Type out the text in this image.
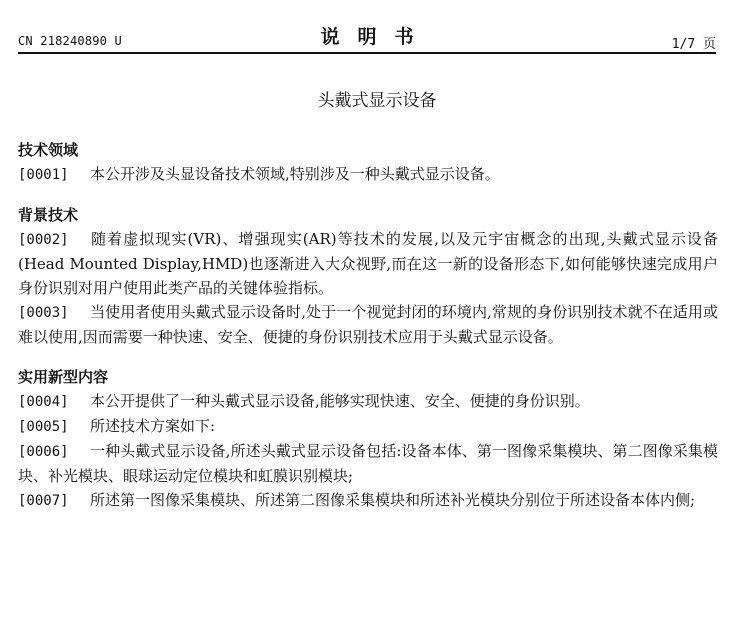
CN 218240890 U	说明书	1/7 页
头戴式显示设备

技术领域

[0001] 本公开涉及头显设备技术领域,特别涉及一种头戴式显示设备。

背景技术

[0002] 随着虚拟现实(VR)、增强现实(AR)等技术的发展,以及元宇宙概念的出现,头戴式显示设备(Head Mounted Display,HMD)也逐渐进入大众视野,而在这一新的设备形态下,如何能够快速完成用户身份识别对用户使用此类产品的关键体验指标。

[0003] 当使用者使用头戴式显示设备时,处于一个视觉封闭的环境内,常规的身份识别技术就不在适用或难以使用,因而需要一种快速、安全、便捷的身份识别技术应用于头戴式显示设备。

实用新型内容

[0004] 本公开提供了一种头戴式显示设备,能够实现快速、安全、便捷的身份识别。

[0005] 所述技术方案如下:

[0006] 一种头戴式显示设备,所述头戴式显示设备包括:设备本体、第一图像采集模块、第二图像采集模块、补光模块、眼球运动定位模块和虹膜识别模块;

[0007] 所述第一图像采集模块、所述第二图像采集模块和所述补光模块分别位于所述设备本体内侧;
